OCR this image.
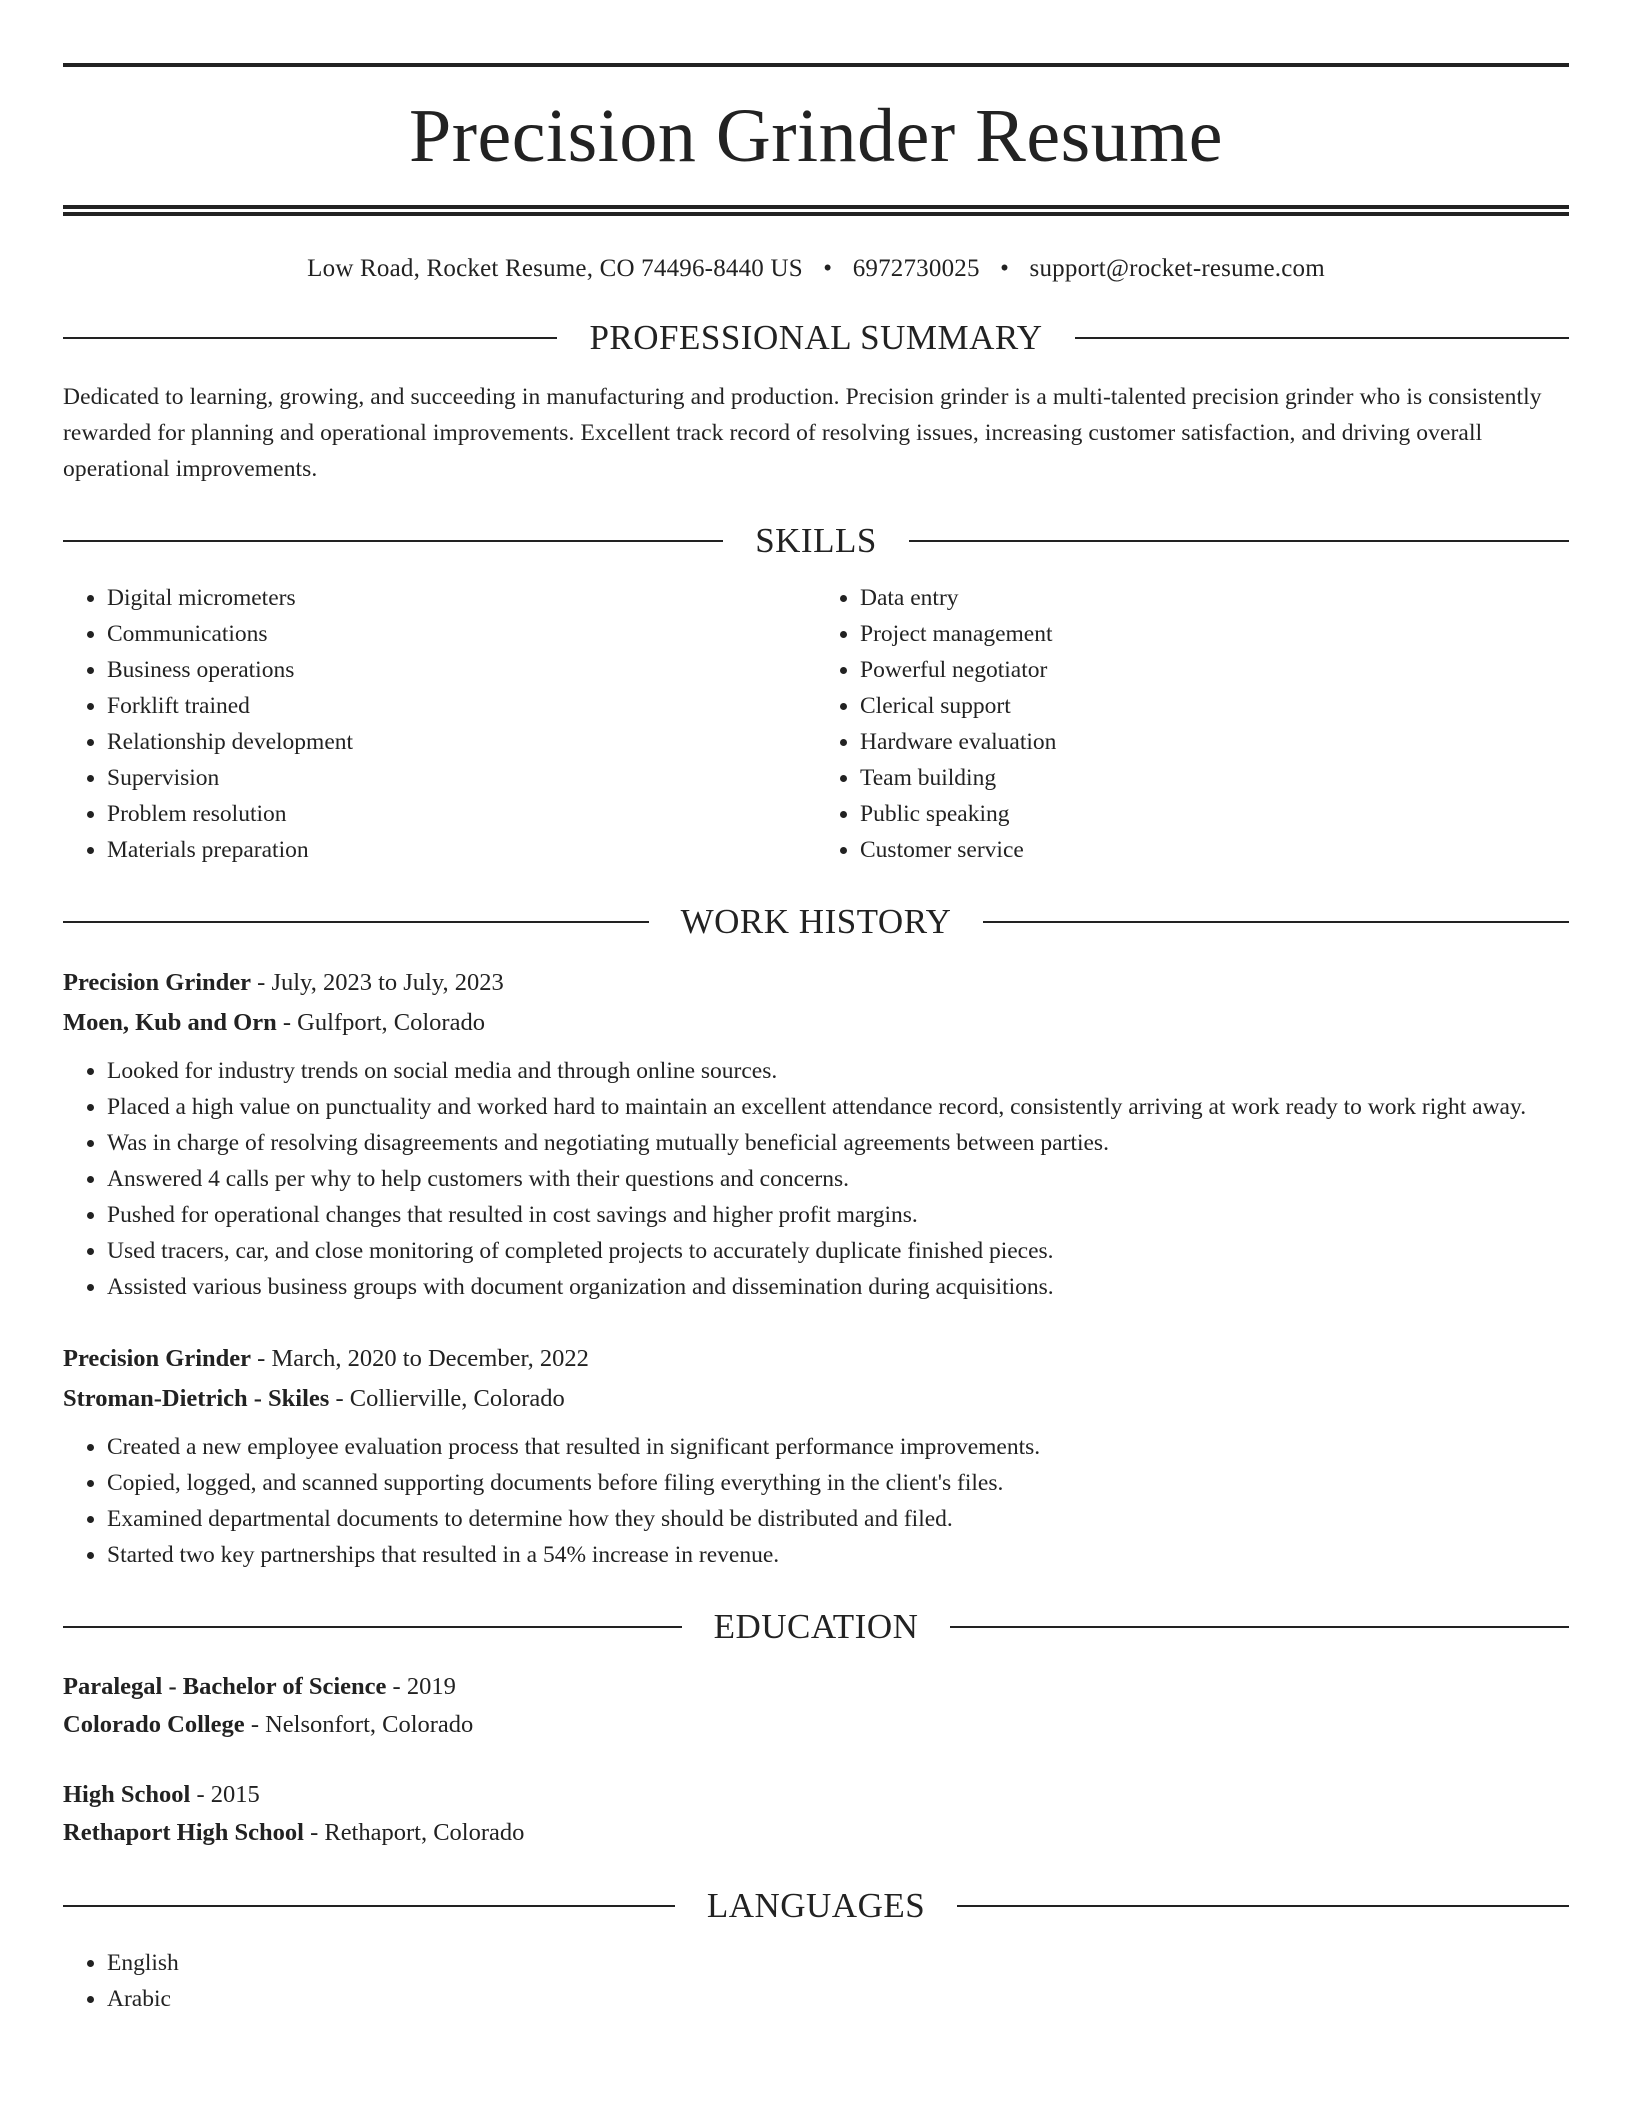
Precision Grinder Resume
Low Road, Rocket Resume, CO 74496-8440 US • 6972730025 • support@rocket-resume.com
PROFESSIONAL SUMMARY
Dedicated to learning, growing, and succeeding in manufacturing and production. Precision grinder is a multi-talented precision grinder who is consistently rewarded for planning and operational improvements. Excellent track record of resolving issues, increasing customer satisfaction, and driving overall operational improvements.
SKILLS
• Digital micrometers
• Communications
• Business operations
• Forklift trained
• Relationship development
• Supervision
• Problem resolution
• Materials preparation
• Data entry
• Project management
• Powerful negotiator
• Clerical support
• Hardware evaluation
• Team building
• Public speaking
• Customer service
WORK HISTORY
Precision Grinder - July, 2023 to July, 2023
Moen, Kub and Orn - Gulfport, Colorado
• Looked for industry trends on social media and through online sources.
• Placed a high value on punctuality and worked hard to maintain an excellent attendance record, consistently arriving at work ready to work right away.
• Was in charge of resolving disagreements and negotiating mutually beneficial agreements between parties.
• Answered 4 calls per why to help customers with their questions and concerns.
• Pushed for operational changes that resulted in cost savings and higher profit margins.
• Used tracers, car, and close monitoring of completed projects to accurately duplicate finished pieces.
• Assisted various business groups with document organization and dissemination during acquisitions.
Precision Grinder - March, 2020 to December, 2022
Stroman-Dietrich - Skiles - Collierville, Colorado
• Created a new employee evaluation process that resulted in significant performance improvements.
• Copied, logged, and scanned supporting documents before filing everything in the client's files.
• Examined departmental documents to determine how they should be distributed and filed.
• Started two key partnerships that resulted in a 54% increase in revenue.
EDUCATION
Paralegal - Bachelor of Science - 2019
Colorado College - Nelsonfort, Colorado
High School - 2015
Rethaport High School - Rethaport, Colorado
LANGUAGES
• English
• Arabic
